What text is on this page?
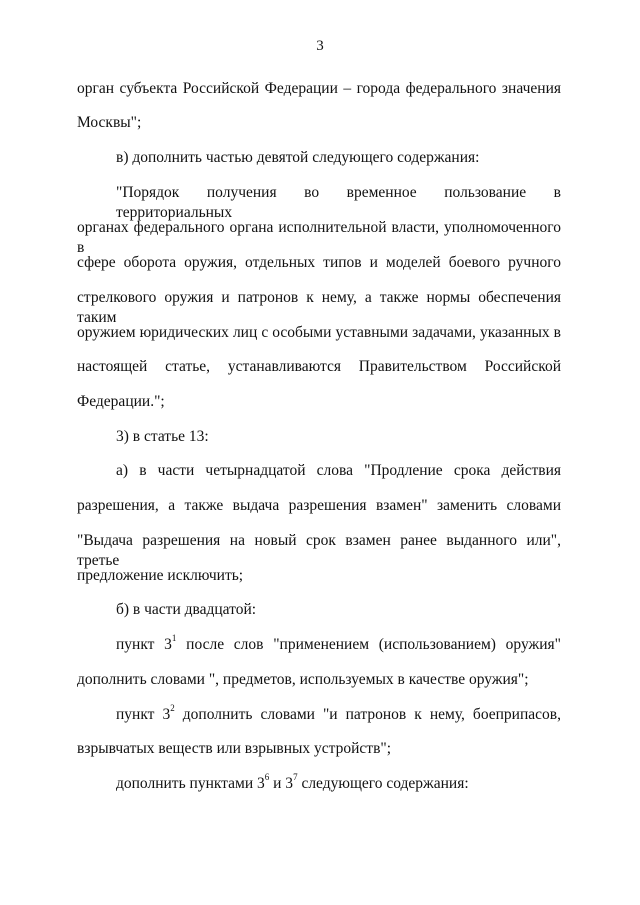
3
орган субъекта Российской Федерации – города федерального значения
Москвы";
в) дополнить частью девятой следующего содержания:
"Порядок получения во временное пользование в территориальных
органах федерального органа исполнительной власти, уполномоченного в
сфере оборота оружия, отдельных типов и моделей боевого ручного
стрелкового оружия и патронов к нему, а также нормы обеспечения таким
оружием юридических лиц с особыми уставными задачами, указанных в
настоящей статье, устанавливаются Правительством Российской
Федерации.";
3) в статье 13:
а) в части четырнадцатой слова "Продление срока действия
разрешения, а также выдача разрешения взамен" заменить словами
"Выдача разрешения на новый срок взамен ранее выданного или", третье
предложение исключить;
б) в части двадцатой:
пункт $3^1$ после слов "применением (использованием) оружия"
дополнить словами ", предметов, используемых в качестве оружия";
пункт $3^2$ дополнить словами "и патронов к нему, боеприпасов,
взрывчатых веществ или взрывных устройств";
дополнить пунктами $3^6$ и $3^7$ следующего содержания:
